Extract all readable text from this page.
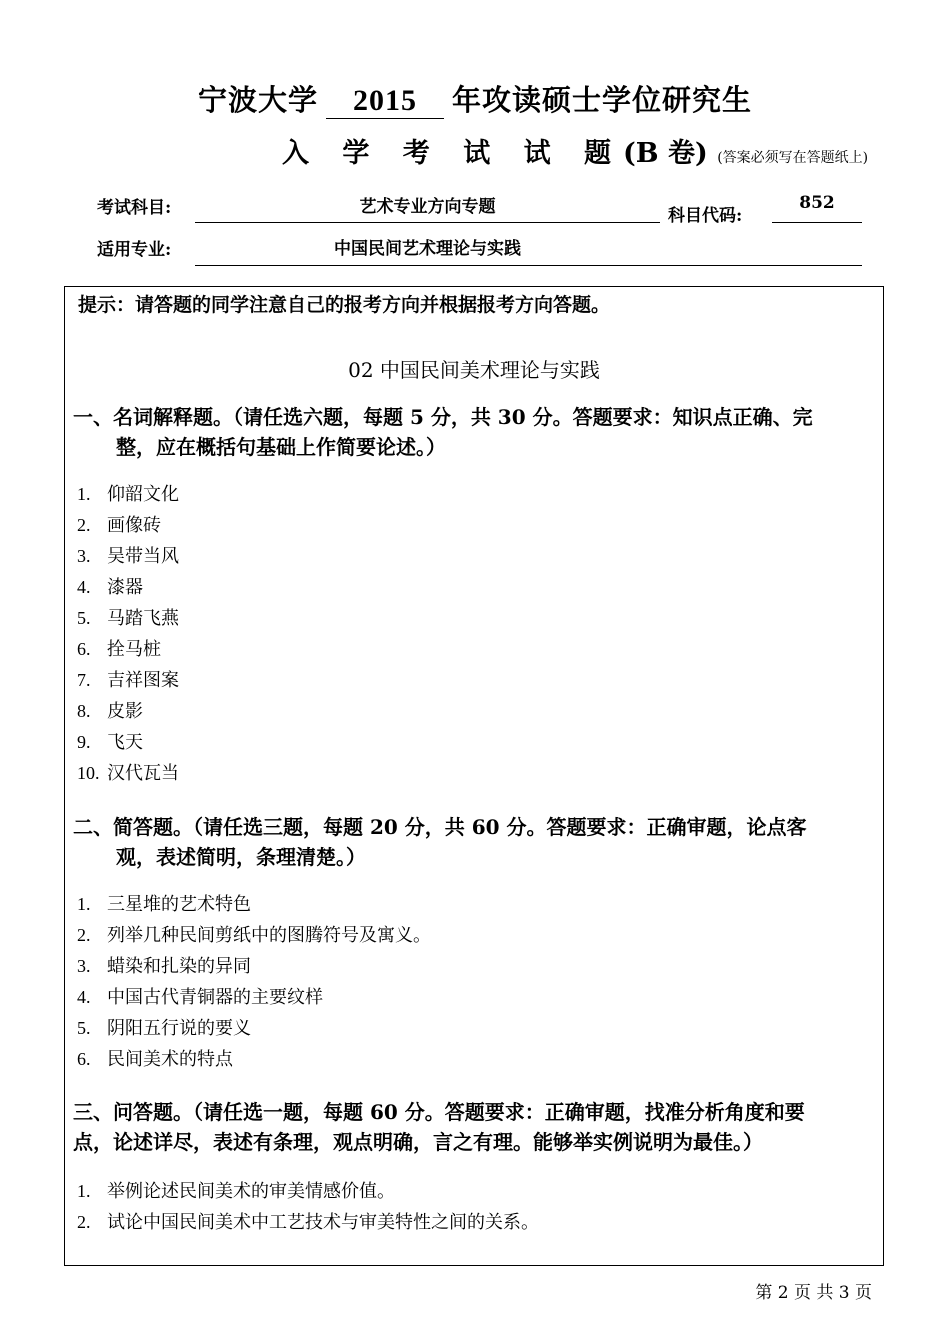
宁波大学 2015 年攻读硕士学位研究生
入 学 考 试 试 题(B 卷) (答案必须写在答题纸上)
考试科目:	艺术专业方向专题	科目代码:
852
适用专业:	中国民间艺术理论与实践
提示：请答题的同学注意自己的报考方向并根据报考方向答题。
02 中国民间美术理论与实践
一、名词解释题。（请任选六题，每题 5 分，共 30 分。答题要求：知识点正确、完
整，应在概括句基础上作简要论述。）
1. 仰韶文化
2. 画像砖
3. 吴带当风
4. 漆器
5. 马踏飞燕
6. 拴马桩
7. 吉祥图案
8. 皮影
9. 飞天
10. 汉代瓦当
二、简答题。（请任选三题，每题 20 分，共 60 分。答题要求：正确审题，论点客
观，表述简明，条理清楚。）
1. 三星堆的艺术特色
2. 列举几种民间剪纸中的图腾符号及寓义。
3. 蜡染和扎染的异同
4. 中国古代青铜器的主要纹样
5. 阴阳五行说的要义
6. 民间美术的特点
三、问答题。（请任选一题，每题 60 分。答题要求：正确审题，找准分析角度和要
点，论述详尽，表述有条理，观点明确，言之有理。能够举实例说明为最佳。）
1. 举例论述民间美术的审美情感价值。
2. 试论中国民间美术中工艺技术与审美特性之间的关系。
第 2 页 共 3 页
